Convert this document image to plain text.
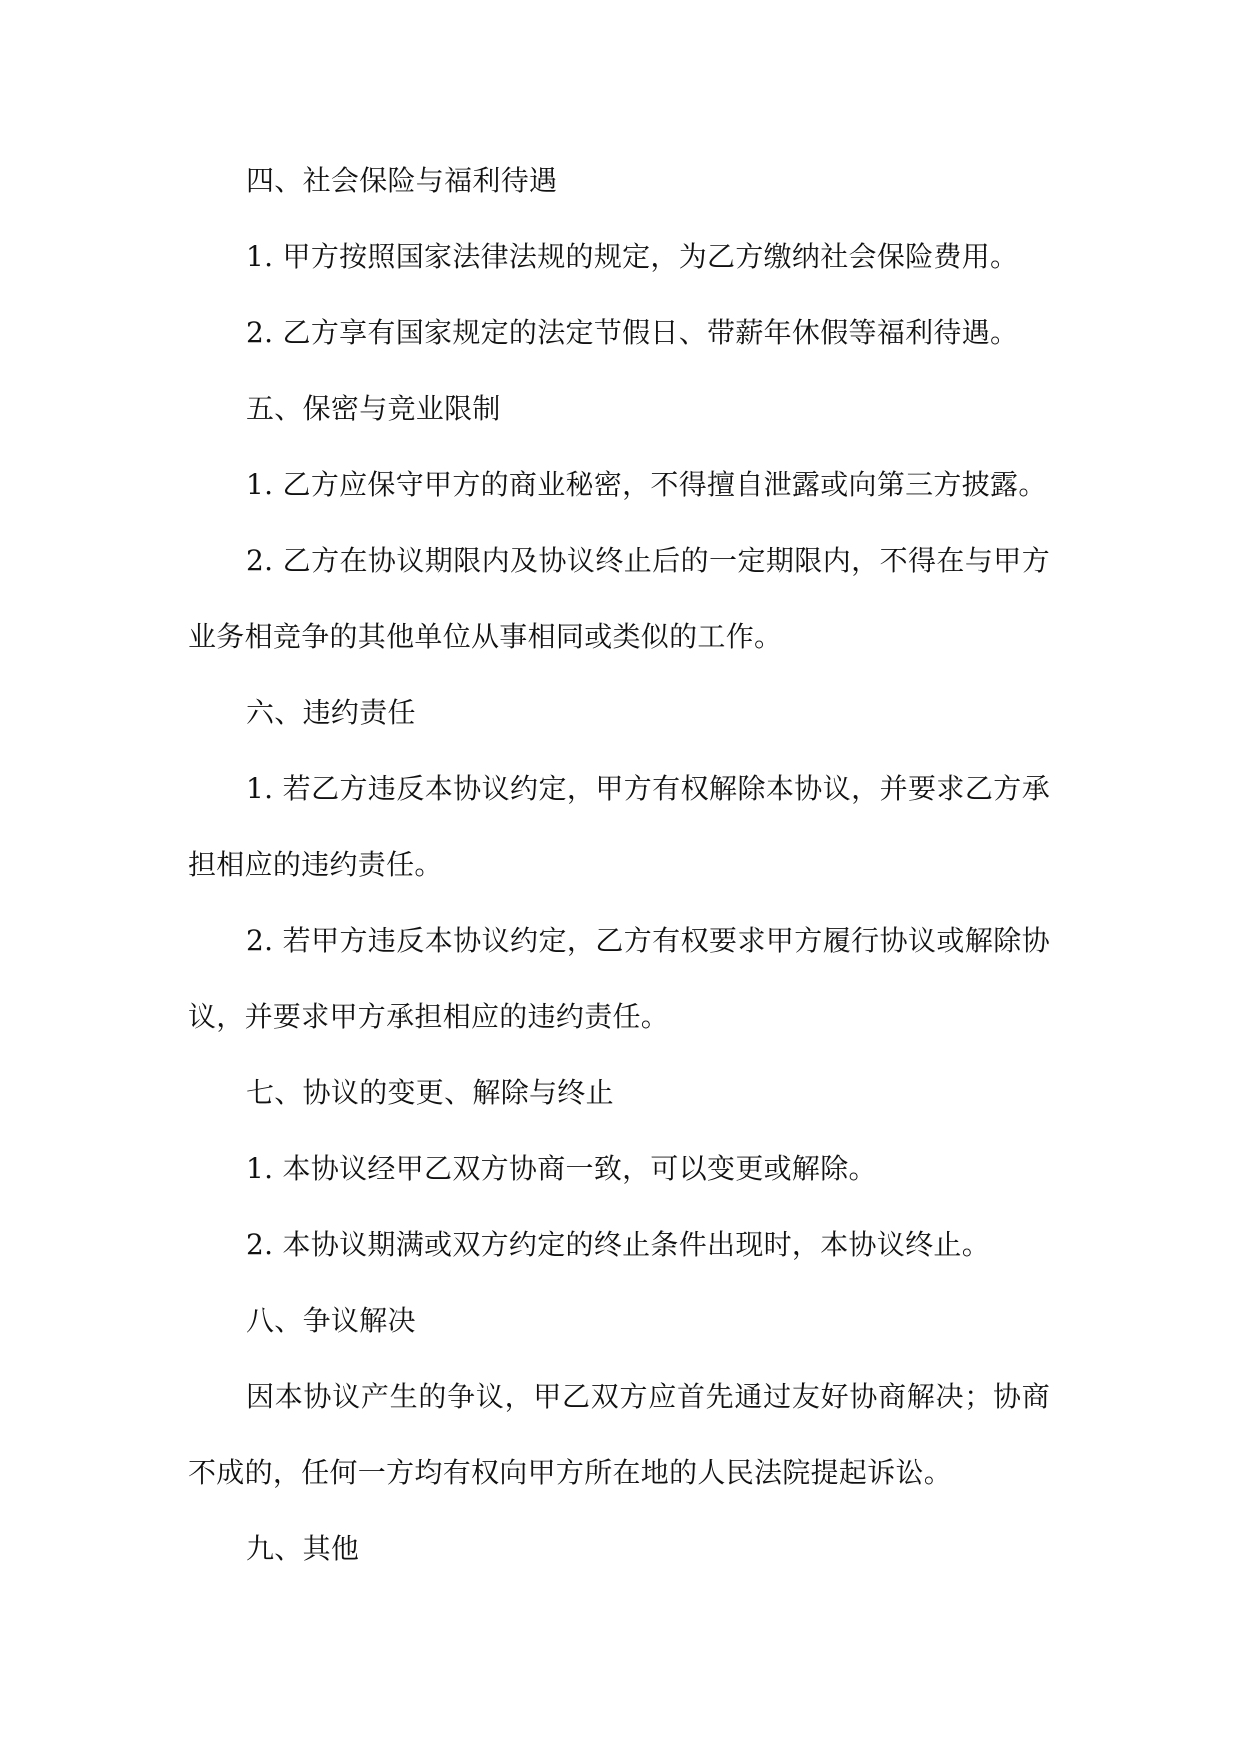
四、社会保险与福利待遇

1. 甲方按照国家法律法规的规定，为乙方缴纳社会保险费用。

2. 乙方享有国家规定的法定节假日、带薪年休假等福利待遇。

五、保密与竞业限制

1. 乙方应保守甲方的商业秘密，不得擅自泄露或向第三方披露。

2. 乙方在协议期限内及协议终止后的一定期限内，不得在与甲方业务相竞争的其他单位从事相同或类似的工作。

六、违约责任

1. 若乙方违反本协议约定，甲方有权解除本协议，并要求乙方承担相应的违约责任。

2. 若甲方违反本协议约定，乙方有权要求甲方履行协议或解除协议，并要求甲方承担相应的违约责任。

七、协议的变更、解除与终止

1. 本协议经甲乙双方协商一致，可以变更或解除。

2. 本协议期满或双方约定的终止条件出现时，本协议终止。

八、争议解决

因本协议产生的争议，甲乙双方应首先通过友好协商解决；协商不成的，任何一方均有权向甲方所在地的人民法院提起诉讼。

九、其他
